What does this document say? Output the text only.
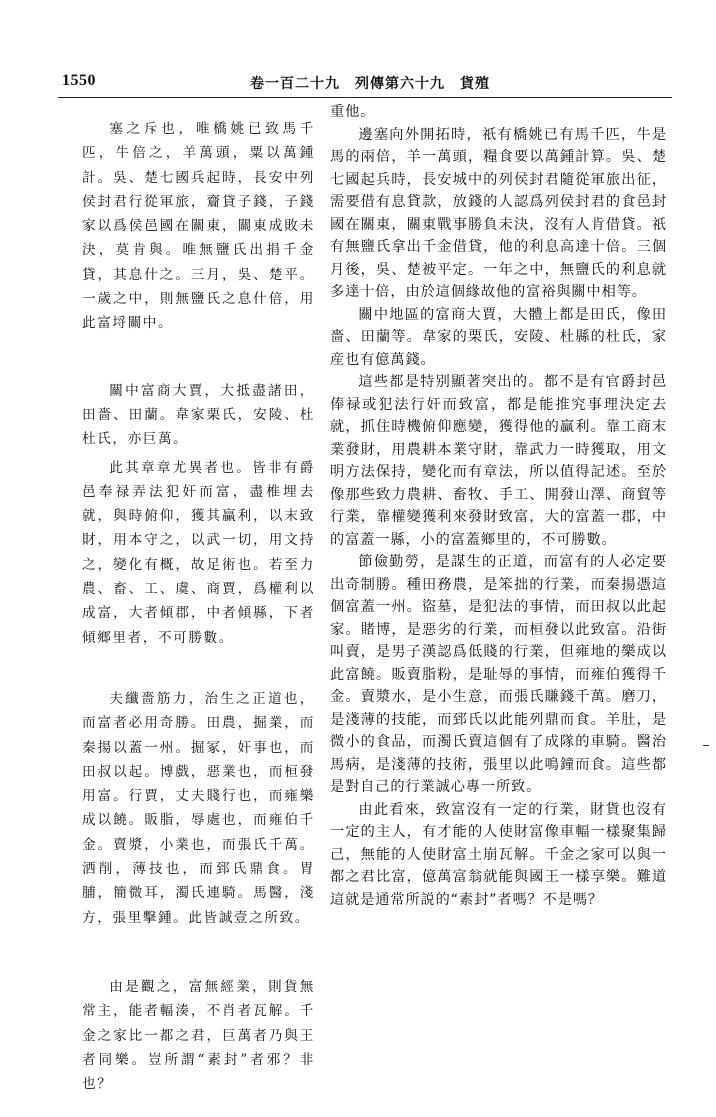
1550	卷一百二十九　列傳第六十九　貨殖

塞之斥也，唯橋姚已致馬千匹，牛倍之，羊萬頭，粟以萬鍾計。吳、楚七國兵起時，長安中列侯封君行從軍旅，齎貸子錢，子錢家以爲侯邑國在關東，關東成敗未決，莫肯與。唯無鹽氏出捐千金貸，其息什之。三月，吳、楚平。一歲之中，則無鹽氏之息什倍，用此富埒關中。

關中富商大賈，大抵盡諸田，田嗇、田蘭。韋家栗氏，安陵、杜杜氏，亦巨萬。

此其章章尤異者也。皆非有爵邑奉禄弄法犯奸而富，盡椎埋去就，與時俯仰，獲其贏利，以末致財，用本守之，以武一切，用文持之，變化有概，故足術也。若至力農、畜、工、虞、商賈，爲權利以成富，大者傾郡，中者傾縣，下者傾鄉里者，不可勝數。

夫纖嗇筋力，治生之正道也，而富者必用奇勝。田農，掘業，而秦揚以蓋一州。掘冢，奸事也，而田叔以起。博戲，惡業也，而桓發用富。行賈，丈夫賤行也，而雍樂成以饒。販脂，辱處也，而雍伯千金。賣漿，小業也，而張氏千萬。洒削，薄技也，而郅氏鼎食。胃脯，簡微耳，濁氏連騎。馬醫，淺方，張里擊鍾。此皆誠壹之所致。

由是觀之，富無經業，則貨無常主，能者輻湊，不肖者瓦解。千金之家比一都之君，巨萬者乃與王者同樂。豈所謂“素封”者邪？非也？

重他。

邊塞向外開拓時，祇有橋姚已有馬千匹，牛是馬的兩倍，羊一萬頭，糧食要以萬鍾計算。吳、楚七國起兵時，長安城中的列侯封君隨從軍旅出征，需要借有息貸款，放錢的人認爲列侯封君的食邑封國在關東，關東戰事勝負未決，沒有人肯借貸。祇有無鹽氏拿出千金借貸，他的利息高達十倍。三個月後，吳、楚被平定。一年之中，無鹽氏的利息就多達十倍，由於這個緣故他的富裕與關中相等。

關中地區的富商大賈，大體上都是田氏，像田嗇、田蘭等。韋家的栗氏，安陵、杜縣的杜氏，家産也有億萬錢。

這些都是特别顯著突出的。都不是有官爵封邑俸禄或犯法行奸而致富，都是能推究事理決定去就，抓住時機俯仰應變，獲得他的贏利。靠工商末業發財，用農耕本業守財，靠武力一時獲取，用文明方法保持，變化而有章法，所以值得記述。至於像那些致力農耕、畜牧、手工、開發山澤、商貿等行業，靠權變獲利來發財致富，大的富蓋一郡，中的富蓋一縣，小的富蓋鄉里的，不可勝數。

節儉勤勞，是謀生的正道，而富有的人必定要出奇制勝。種田務農，是笨拙的行業，而秦揚憑這個富蓋一州。盜墓，是犯法的事情，而田叔以此起家。賭博，是惡劣的行業，而桓發以此致富。沿街叫賣，是男子漢認爲低賤的行業，但雍地的樂成以此富饒。販賣脂粉，是耻辱的事情，而雍伯獲得千金。賣漿水，是小生意，而張氏賺錢千萬。磨刀，是淺薄的技能，而郅氏以此能列鼎而食。羊肚，是微小的食品，而濁氏賣這個有了成隊的車騎。醫治馬病，是淺薄的技術，張里以此鳴鐘而食。這些都是對自己的行業誠心專一所致。

由此看來，致富沒有一定的行業，財貨也沒有一定的主人，有才能的人使財富像車輻一樣聚集歸己，無能的人使財富土崩瓦解。千金之家可以與一都之君比富，億萬富翁就能與國王一樣享樂。難道這就是通常所説的“素封”者嗎？不是嗎？
